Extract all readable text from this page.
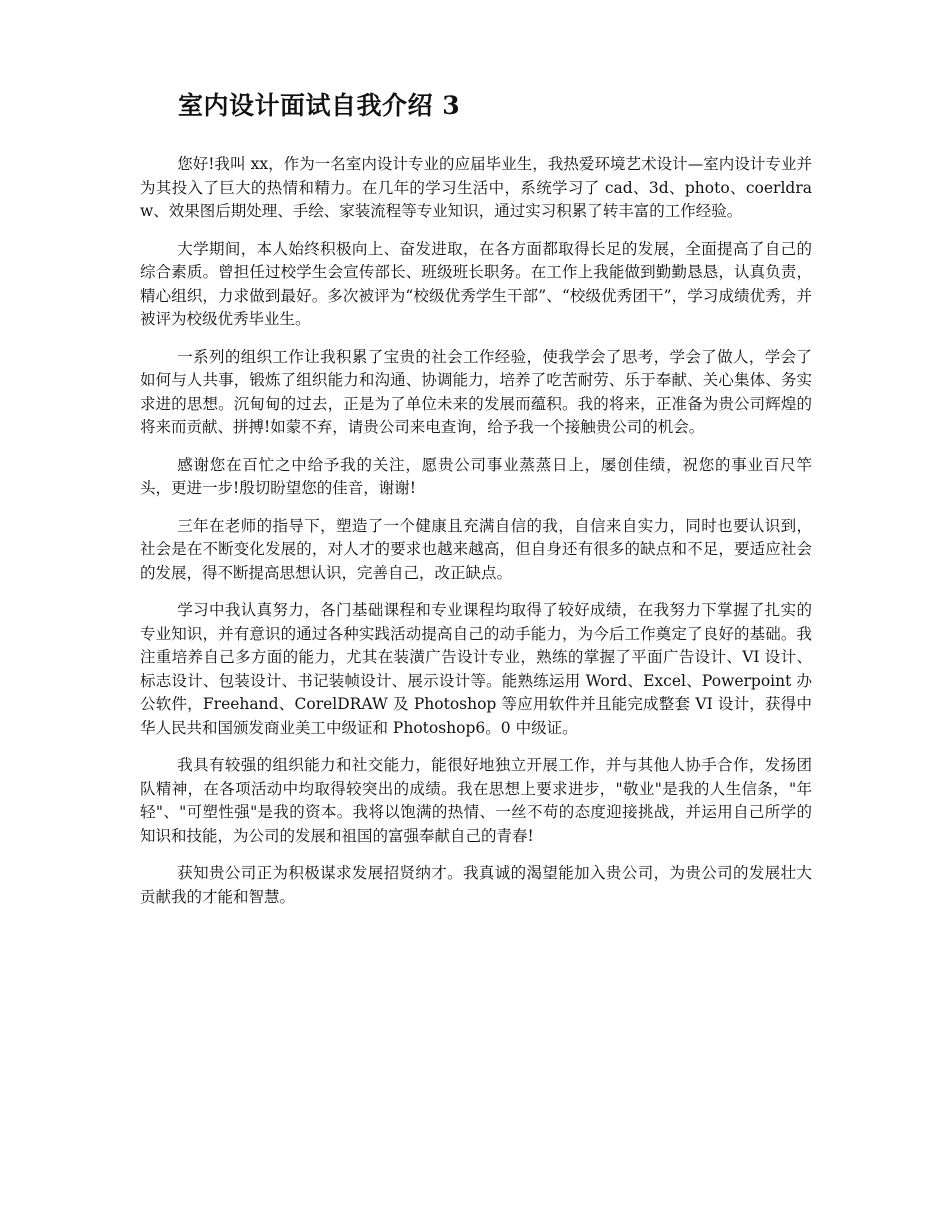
室内设计面试自我介绍 3

您好!我叫 xx，作为一名室内设计专业的应届毕业生，我热爱环境艺术设计—室内设计专业并为其投入了巨大的热情和精力。在几年的学习生活中，系统学习了 cad、3d、photo、coerldraw、效果图后期处理、手绘、家装流程等专业知识，通过实习积累了转丰富的工作经验。

大学期间，本人始终积极向上、奋发进取，在各方面都取得长足的发展，全面提高了自己的综合素质。曾担任过校学生会宣传部长、班级班长职务。在工作上我能做到勤勤恳恳，认真负责，精心组织，力求做到最好。多次被评为“校级优秀学生干部”、“校级优秀团干”，学习成绩优秀，并被评为校级优秀毕业生。

一系列的组织工作让我积累了宝贵的社会工作经验，使我学会了思考，学会了做人，学会了如何与人共事，锻炼了组织能力和沟通、协调能力，培养了吃苦耐劳、乐于奉献、关心集体、务实求进的思想。沉甸甸的过去，正是为了单位未来的发展而蕴积。我的将来，正准备为贵公司辉煌的将来而贡献、拼搏!如蒙不弃，请贵公司来电查询，给予我一个接触贵公司的机会。

感谢您在百忙之中给予我的关注，愿贵公司事业蒸蒸日上，屡创佳绩，祝您的事业百尺竿头，更进一步!殷切盼望您的佳音，谢谢!

三年在老师的指导下，塑造了一个健康且充满自信的我，自信来自实力，同时也要认识到，社会是在不断变化发展的，对人才的要求也越来越高，但自身还有很多的缺点和不足，要适应社会的发展，得不断提高思想认识，完善自己，改正缺点。

学习中我认真努力，各门基础课程和专业课程均取得了较好成绩，在我努力下掌握了扎实的专业知识，并有意识的通过各种实践活动提高自己的动手能力，为今后工作奠定了良好的基础。我注重培养自己多方面的能力，尤其在装潢广告设计专业，熟练的掌握了平面广告设计、VI 设计、标志设计、包装设计、书记装帧设计、展示设计等。能熟练运用 Word、Excel、Powerpoint 办公软件，Freehand、CorelDRAW 及 Photoshop 等应用软件并且能完成整套 VI 设计，获得中华人民共和国颁发商业美工中级证和 Photoshop6。0 中级证。

我具有较强的组织能力和社交能力，能很好地独立开展工作，并与其他人协手合作，发扬团队精神，在各项活动中均取得较突出的成绩。我在思想上要求进步，"敬业"是我的人生信条，"年轻"、"可塑性强"是我的资本。我将以饱满的热情、一丝不苟的态度迎接挑战，并运用自己所学的知识和技能，为公司的发展和祖国的富强奉献自己的青春!

获知贵公司正为积极谋求发展招贤纳才。我真诚的渴望能加入贵公司，为贵公司的发展壮大贡献我的才能和智慧。
